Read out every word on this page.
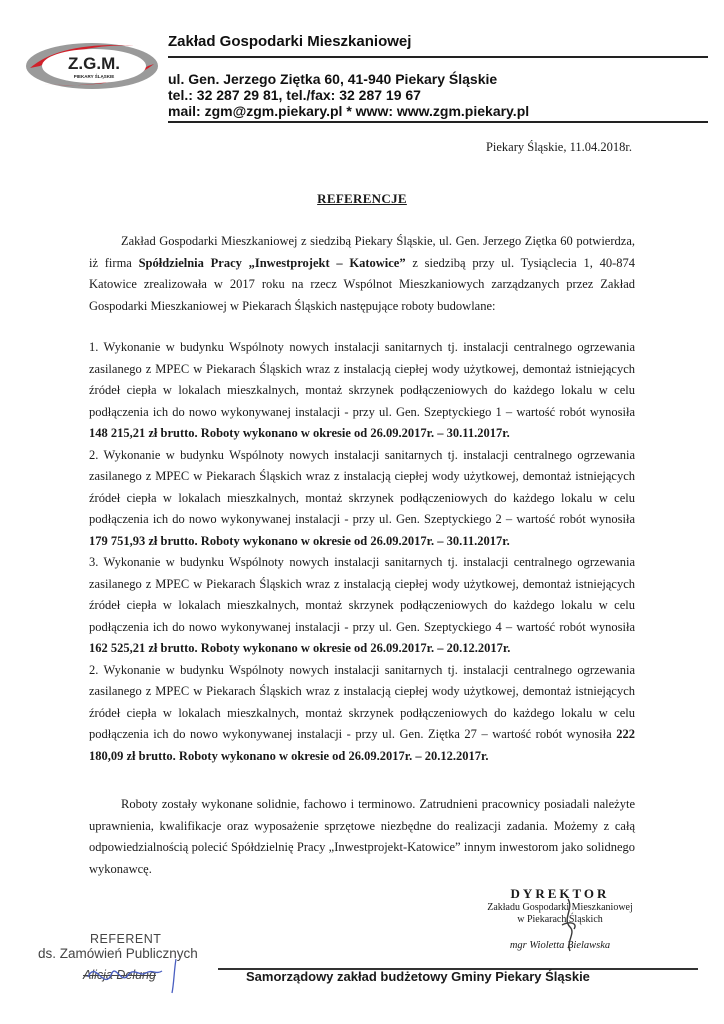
Z.G.M.
PIEKARY ŚLĄSKIE
Zakład Gospodarki Mieszkaniowej
ul. Gen. Jerzego Ziętka 60, 41-940 Piekary Śląskie
tel.: 32 287 29 81, tel./fax: 32 287 19 67
mail: zgm@zgm.piekary.pl * www: www.zgm.piekary.pl
Piekary Śląskie, 11.04.2018r.
REFERENCJE

Zakład Gospodarki Mieszkaniowej z siedzibą Piekary Śląskie, ul. Gen. Jerzego Ziętka 60 potwierdza, iż firma Spółdzielnia Pracy „Inwestprojekt – Katowice” z siedzibą przy ul. Tysiąclecia 1, 40-874 Katowice zrealizowała w 2017 roku na rzecz Wspólnot Mieszkaniowych zarządzanych przez Zakład Gospodarki Mieszkaniowej w Piekarach Śląskich następujące roboty budowlane:

1. Wykonanie w budynku Wspólnoty nowych instalacji sanitarnych tj. instalacji centralnego ogrzewania zasilanego z MPEC w Piekarach Śląskich wraz z instalacją ciepłej wody użytkowej, demontaż istniejących źródeł ciepła w lokalach mieszkalnych, montaż skrzynek podłączeniowych do każdego lokalu w celu podłączenia ich do nowo wykonywanej instalacji - przy ul. Gen. Szeptyckiego 1 – wartość robót wynosiła 148 215,21 zł brutto. Roboty wykonano w okresie od 26.09.2017r. – 30.11.2017r.

2. Wykonanie w budynku Wspólnoty nowych instalacji sanitarnych tj. instalacji centralnego ogrzewania zasilanego z MPEC w Piekarach Śląskich wraz z instalacją ciepłej wody użytkowej, demontaż istniejących źródeł ciepła w lokalach mieszkalnych, montaż skrzynek podłączeniowych do każdego lokalu w celu podłączenia ich do nowo wykonywanej instalacji - przy ul. Gen. Szeptyckiego 2 – wartość robót wynosiła 179 751,93 zł brutto. Roboty wykonano w okresie od 26.09.2017r. – 30.11.2017r.

3. Wykonanie w budynku Wspólnoty nowych instalacji sanitarnych tj. instalacji centralnego ogrzewania zasilanego z MPEC w Piekarach Śląskich wraz z instalacją ciepłej wody użytkowej, demontaż istniejących źródeł ciepła w lokalach mieszkalnych, montaż skrzynek podłączeniowych do każdego lokalu w celu podłączenia ich do nowo wykonywanej instalacji - przy ul. Gen. Szeptyckiego 4 – wartość robót wynosiła 162 525,21 zł brutto. Roboty wykonano w okresie od 26.09.2017r. – 20.12.2017r.

2. Wykonanie w budynku Wspólnoty nowych instalacji sanitarnych tj. instalacji centralnego ogrzewania zasilanego z MPEC w Piekarach Śląskich wraz z instalacją ciepłej wody użytkowej, demontaż istniejących źródeł ciepła w lokalach mieszkalnych, montaż skrzynek podłączeniowych do każdego lokalu w celu podłączenia ich do nowo wykonywanej instalacji - przy ul. Gen. Ziętka 27 – wartość robót wynosiła 222 180,09 zł brutto. Roboty wykonano w okresie od 26.09.2017r. – 20.12.2017r.

Roboty zostały wykonane solidnie, fachowo i terminowo. Zatrudnieni pracownicy posiadali należyte uprawnienia, kwalifikacje oraz wyposażenie sprzętowe niezbędne do realizacji zadania. Możemy z całą odpowiedzialnością polecić Spółdzielnię Pracy „Inwestprojekt-Katowice” innym inwestorom jako solidnego wykonawcę.

DYREKTOR
Zakładu Gospodarki Mieszkaniowej
w Piekarach Śląskich
mgr Wioletta Bielawska
REFERENT
ds. Zamówień Publicznych
Alicja Delung	Samorządowy zakład budżetowy Gminy Piekary Śląskie
